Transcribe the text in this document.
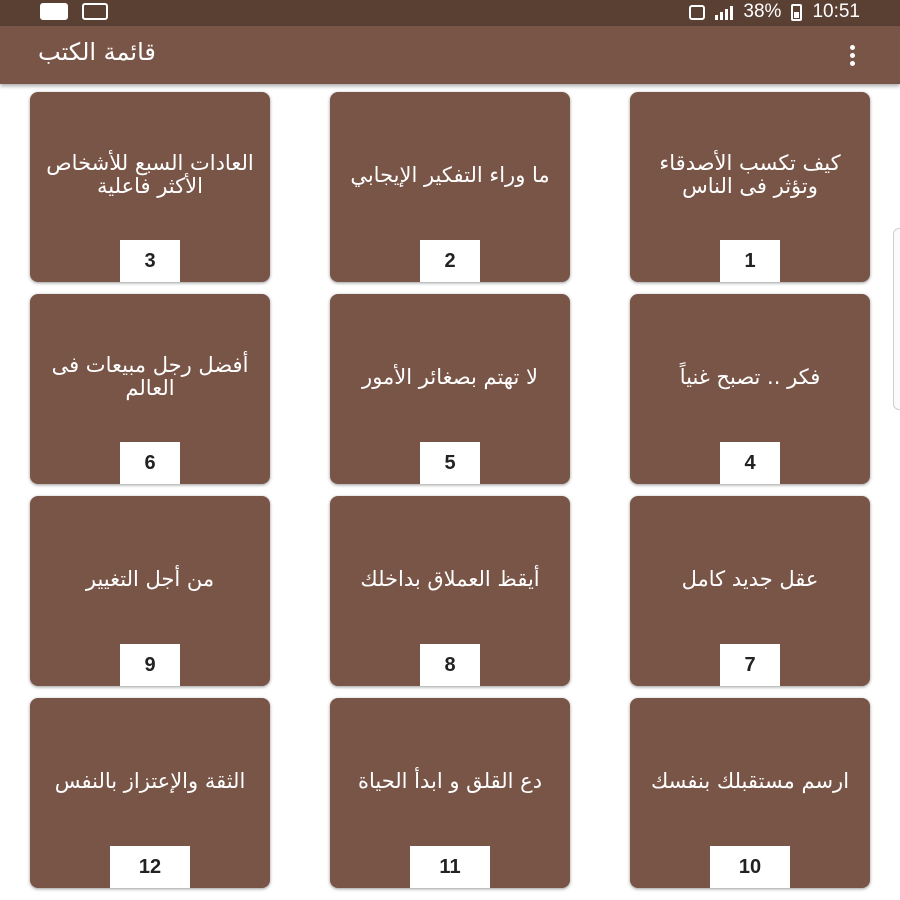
38% 10:51
قائمة الكتب
العادات السبع للأشخاص الأكثر فاعلية
3
ما وراء التفكير الإيجابي
2
كيف تكسب الأصدقاء وتؤثر فى الناس
1
أفضل رجل مبيعات فى العالم
6
لا تهتم بصغائر الأمور
5
فكر .. تصبح غنياً
4
من أجل التغيير
9
أيقظ العملاق بداخلك
8
عقل جديد كامل
7
الثقة والإعتزاز بالنفس
12
دع القلق و ابدأ الحياة
11
ارسم مستقبلك بنفسك
10
